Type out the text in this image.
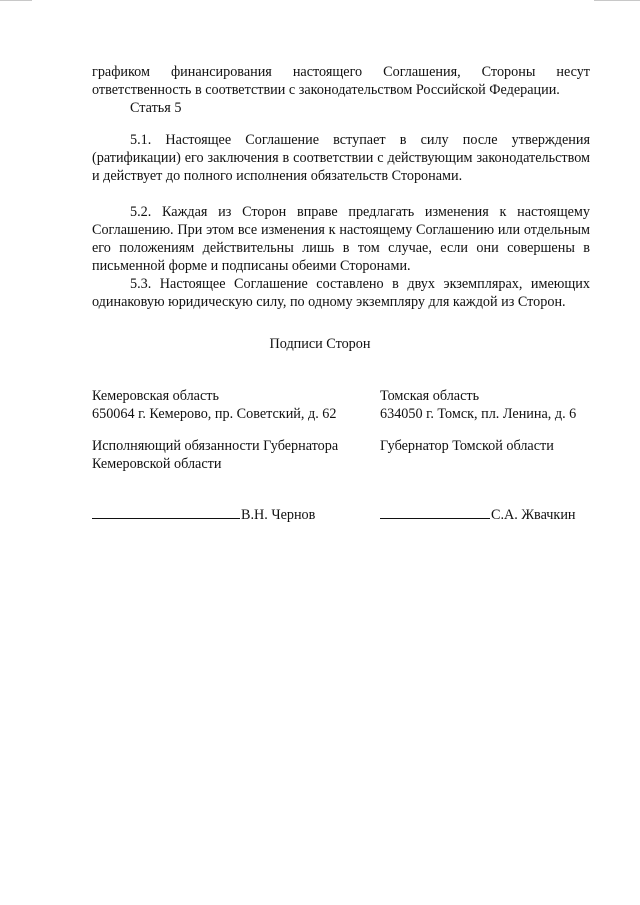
графиком финансирования настоящего Соглашения, Стороны несут ответственность в соответствии с законодательством Российской Федерации.

Статья 5

5.1. Настоящее Соглашение вступает в силу после утверждения (ратификации) его заключения в соответствии с действующим законодательством и действует до полного исполнения обязательств Сторонами.

5.2. Каждая из Сторон вправе предлагать изменения к настоящему Соглашению. При этом все изменения к настоящему Соглашению или отдельным его положениям действительны лишь в том случае, если они совершены в письменной форме и подписаны обеими Сторонами.

5.3. Настоящее Соглашение составлено в двух экземплярах, имеющих одинаковую юридическую силу, по одному экземпляру для каждой из Сторон.

Подписи Сторон
Кемеровская область
650064 г. Кемерово, пр. Советский, д. 62
Томская область
634050 г. Томск, пл. Ленина, д. 6
Исполняющий обязанности Губернатора
Кемеровской области
Губернатор Томской области
В.Н. Чернов	С.А. Жвачкин
